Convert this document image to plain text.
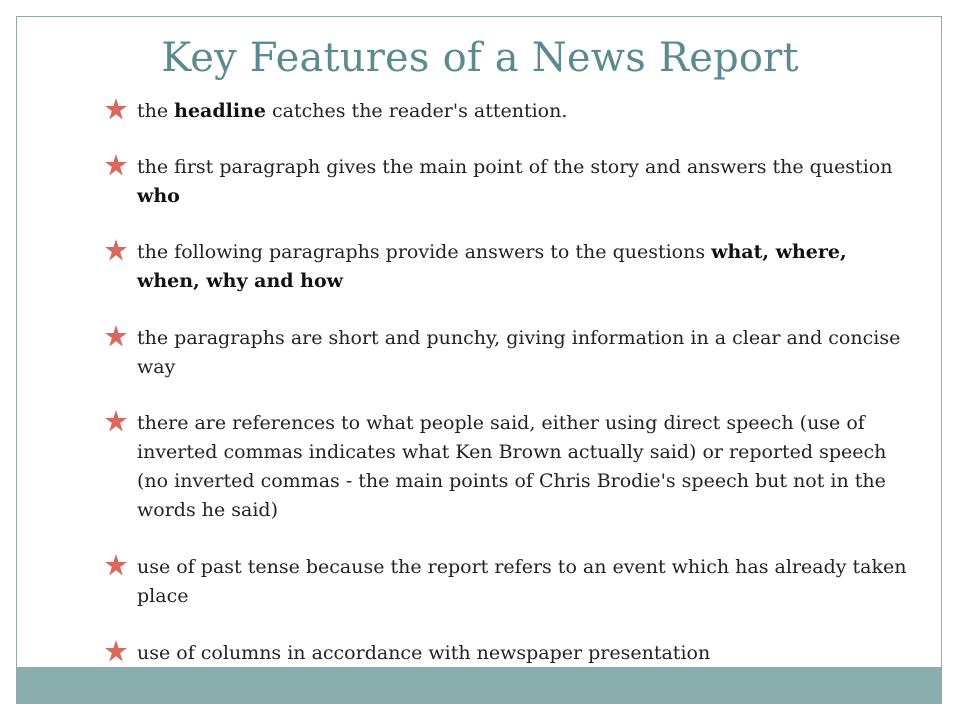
Key Features of a News Report
the headline catches the reader's attention.
the first paragraph gives the main point of the story and answers the question who
the following paragraphs provide answers to the questions what, where, when, why and how
the paragraphs are short and punchy, giving information in a clear and concise way
there are references to what people said, either using direct speech (use of inverted commas indicates what Ken Brown actually said) or reported speech (no inverted commas - the main points of Chris Brodie's speech but not in the words he said)
use of past tense because the report refers to an event which has already taken place
use of columns in accordance with newspaper presentation
